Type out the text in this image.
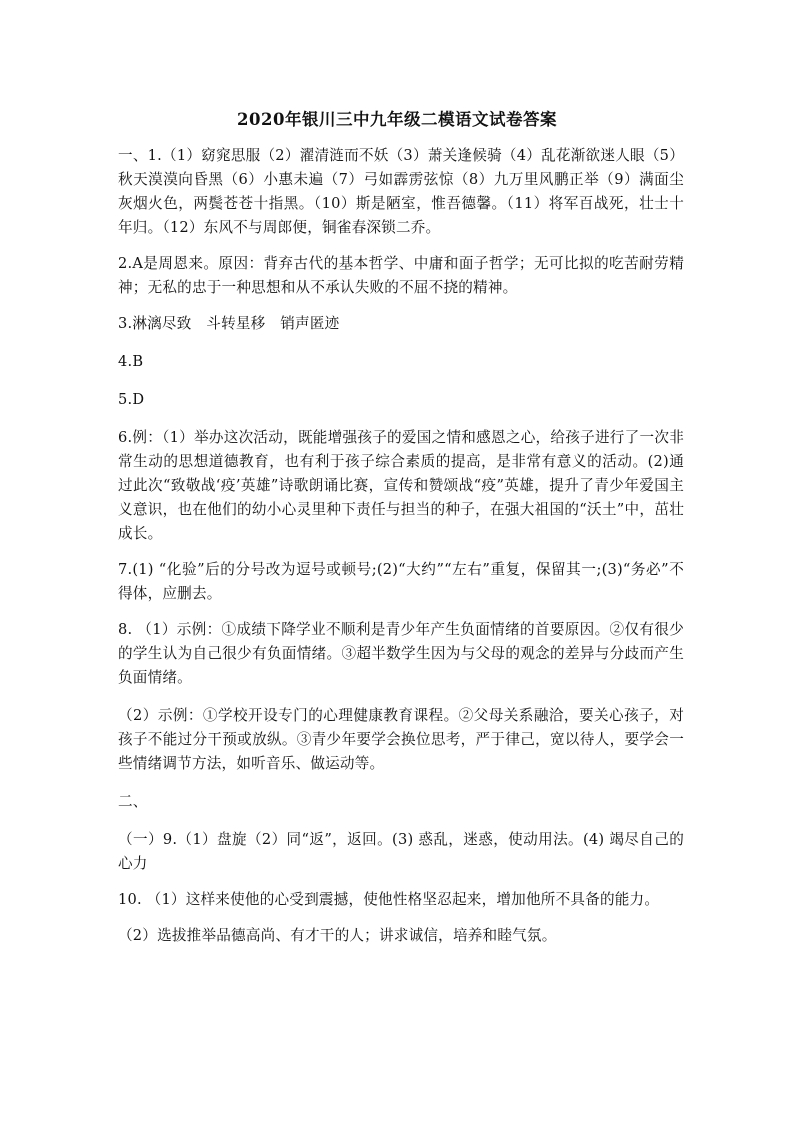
2020年银川三中九年级二模语文试卷答案

一、1.（1）窈窕思服（2）濯清涟而不妖（3）萧关逢候骑（4）乱花渐欲迷人眼（5）秋天漠漠向昏黑（6）小惠未遍（7）弓如霹雳弦惊（8）九万里风鹏正举（9）满面尘灰烟火色，两鬓苍苍十指黑。（10）斯是陋室，惟吾德馨。（11）将军百战死，壮士十年归。（12）东风不与周郎便，铜雀春深锁二乔。

2.A是周恩来。原因：背弃古代的基本哲学、中庸和面子哲学；无可比拟的吃苦耐劳精神；无私的忠于一种思想和从不承认失败的不屈不挠的精神。

3.淋漓尽致　斗转星移　销声匿迹

4.B

5.D

6.例：（1）举办这次活动，既能增强孩子的爱国之情和感恩之心，给孩子进行了一次非常生动的思想道德教育，也有利于孩子综合素质的提高，是非常有意义的活动。(2)通过此次“致敬战‘疫’英雄”诗歌朗诵比赛，宣传和赞颂战“疫”英雄，提升了青少年爱国主义意识，也在他们的幼小心灵里种下责任与担当的种子，在强大祖国的“沃土”中，茁壮成长。

7.(1) “化验”后的分号改为逗号或顿号;(2)“大约”“左右”重复，保留其一;(3)“务必”不得体，应删去。

8. （1）示例：①成绩下降学业不顺利是青少年产生负面情绪的首要原因。②仅有很少的学生认为自己很少有负面情绪。③超半数学生因为与父母的观念的差异与分歧而产生负面情绪。

（2）示例：①学校开设专门的心理健康教育课程。②父母关系融洽，要关心孩子，对孩子不能过分干预或放纵。③青少年要学会换位思考，严于律己，宽以待人，要学会一些情绪调节方法，如听音乐、做运动等。

二、

（一）9.（1）盘旋（2）同“返”，返回。(3) 惑乱，迷惑，使动用法。(4) 竭尽自己的心力

10. （1）这样来使他的心受到震撼，使他性格坚忍起来，增加他所不具备的能力。

（2）选拔推举品德高尚、有才干的人；讲求诚信，培养和睦气氛。
